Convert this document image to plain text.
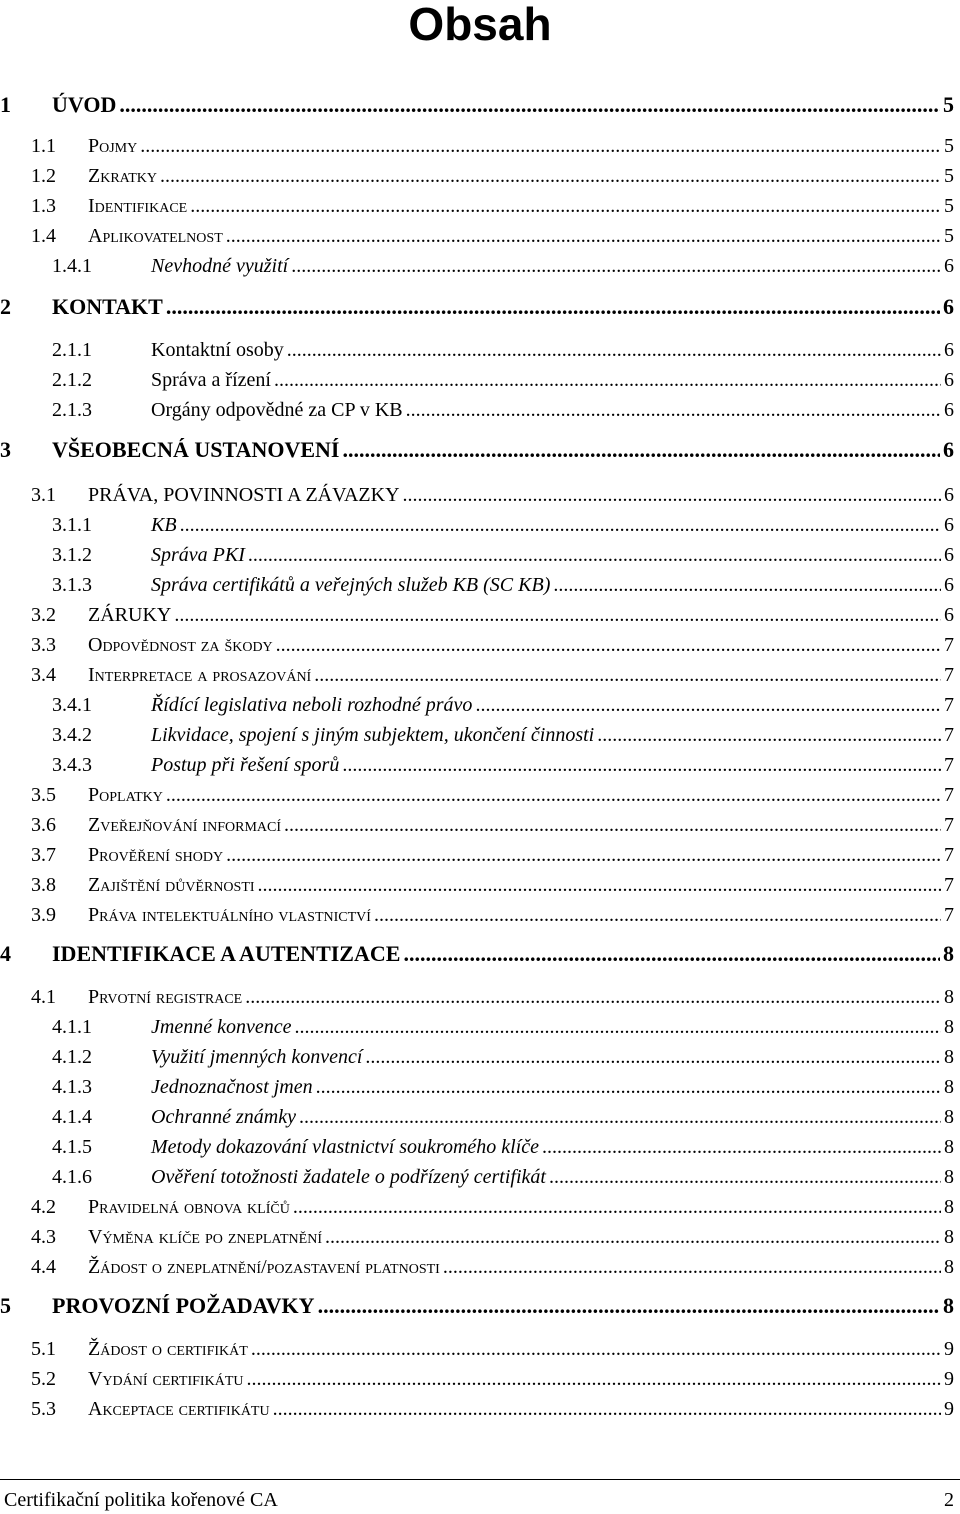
Obsah
1 ÚVOD .....	5
1.1 Pojmy .....	5
1.2 Zkratky .....	5
1.3 Identifikace .....	5
1.4 Aplikovatelnost .....	5
1.4.1	Nevhodné využití .....	6
2 KONTAKT .....	6
2.1.1	Kontaktní osoby .....	6
2.1.2	Správa a řízení .....	6
2.1.3	Orgány odpovědné za CP v KB .....	6
3 VŠEOBECNÁ USTANOVENÍ .....	6
3.1 PRÁVA, POVINNOSTI A ZÁVAZKY .....	6
3.1.1	KB .....	6
3.1.2	Správa PKI .....	6
3.1.3	Správa certifikátů a veřejných služeb KB (SC KB) .....	6
3.2 ZÁRUKY .....	6
3.3 Odpovědnost za škody .....	7
3.4 Interpretace a prosazování .....	7
3.4.1	Řídící legislativa neboli rozhodné právo .....	7
3.4.2	Likvidace, spojení s jiným subjektem, ukončení činnosti .....	7
3.4.3	Postup při řešení sporů .....	7
3.5 Poplatky .....	7
3.6 Zveřejňování informací .....	7
3.7 Prověření shody .....	7
3.8 Zajištění důvěrnosti .....	7
3.9 Práva intelektuálního vlastnictví .....	7
4 IDENTIFIKACE A AUTENTIZACE .....	8
4.1 Prvotní registrace .....	8
4.1.1	Jmenné konvence .....	8
4.1.2	Využití jmenných konvencí .....	8
4.1.3	Jednoznačnost jmen .....	8
4.1.4	Ochranné známky .....	8
4.1.5	Metody dokazování vlastnictví soukromého klíče .....	8
4.1.6	Ověření totožnosti žadatele o podřízený certifikát .....	8
4.2 Pravidelná obnova klíčů .....	8
4.3 Výměna klíče po zneplatnění .....	8
4.4 Žádost o zneplatnění/pozastavení platnosti .....	8
5 PROVOZNÍ POŽADAVKY .....	8
5.1 Žádost o certifikát .....	9
5.2 Vydání certifikátu .....	9
5.3 Akceptace certifikátu .....	9
Certifikační politika kořenové CA	2
